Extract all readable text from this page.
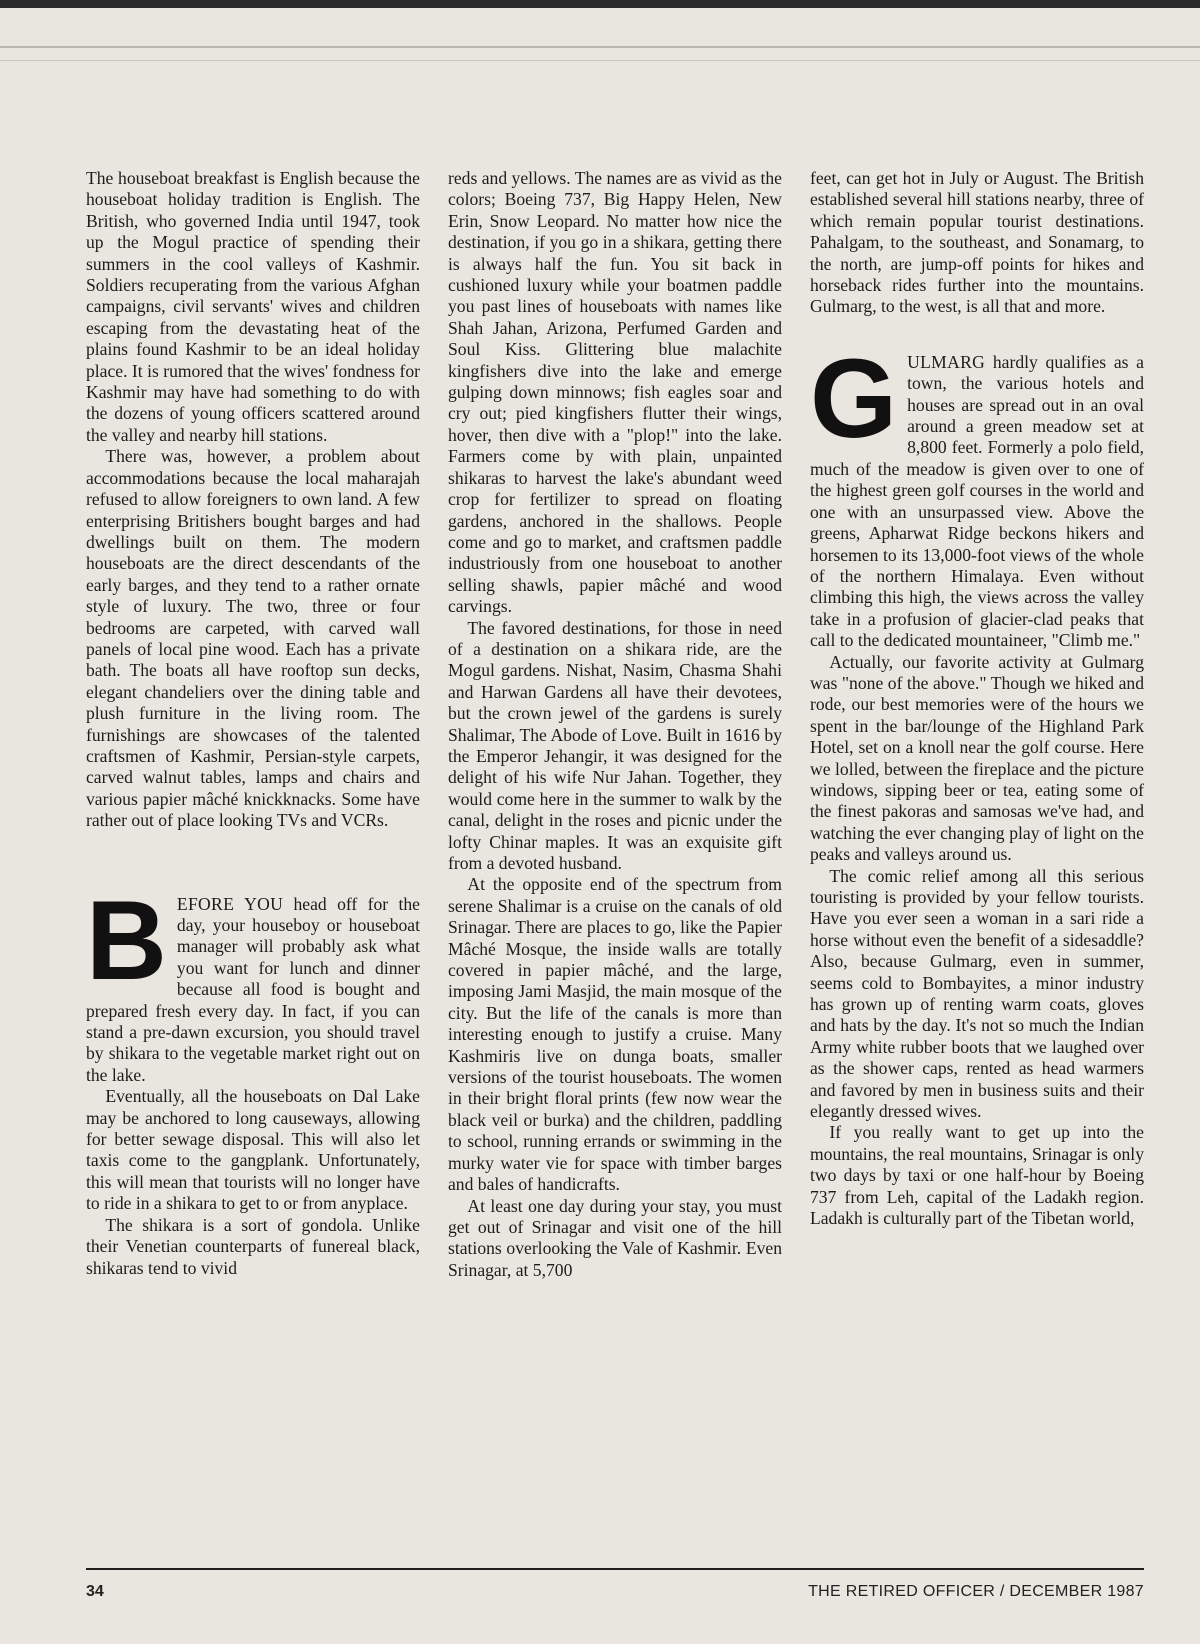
The houseboat breakfast is English because the houseboat holiday tradition is English. The British, who governed India until 1947, took up the Mogul practice of spending their summers in the cool valleys of Kashmir. Soldiers recuperating from the various Afghan campaigns, civil servants' wives and children escaping from the devastating heat of the plains found Kashmir to be an ideal holiday place. It is rumored that the wives' fondness for Kashmir may have had something to do with the dozens of young officers scattered around the valley and nearby hill stations.

There was, however, a problem about accommodations because the local maharajah refused to allow foreigners to own land. A few enterprising Britishers bought barges and had dwellings built on them. The modern houseboats are the direct descendants of the early barges, and they tend to a rather ornate style of luxury. The two, three or four bedrooms are carpeted, with carved wall panels of local pine wood. Each has a private bath. The boats all have rooftop sun decks, elegant chandeliers over the dining table and plush furniture in the living room. The furnishings are showcases of the talented craftsmen of Kashmir, Persian-style carpets, carved walnut tables, lamps and chairs and various papier mâché knickknacks. Some have rather out of place looking TVs and VCRs.

BEFORE YOU head off for the day, your houseboy or houseboat manager will probably ask what you want for lunch and dinner because all food is bought and prepared fresh every day. In fact, if you can stand a pre-dawn excursion, you should travel by shikara to the vegetable market right out on the lake.

Eventually, all the houseboats on Dal Lake may be anchored to long causeways, allowing for better sewage disposal. This will also let taxis come to the gangplank. Unfortunately, this will mean that tourists will no longer have to ride in a shikara to get to or from anyplace.

The shikara is a sort of gondola. Unlike their Venetian counterparts of funereal black, shikaras tend to vivid

reds and yellows. The names are as vivid as the colors; Boeing 737, Big Happy Helen, New Erin, Snow Leopard. No matter how nice the destination, if you go in a shikara, getting there is always half the fun. You sit back in cushioned luxury while your boatmen paddle you past lines of houseboats with names like Shah Jahan, Arizona, Perfumed Garden and Soul Kiss. Glittering blue malachite kingfishers dive into the lake and emerge gulping down minnows; fish eagles soar and cry out; pied kingfishers flutter their wings, hover, then dive with a "plop!" into the lake. Farmers come by with plain, unpainted shikaras to harvest the lake's abundant weed crop for fertilizer to spread on floating gardens, anchored in the shallows. People come and go to market, and craftsmen paddle industriously from one houseboat to another selling shawls, papier mâché and wood carvings.

The favored destinations, for those in need of a destination on a shikara ride, are the Mogul gardens. Nishat, Nasim, Chasma Shahi and Harwan Gardens all have their devotees, but the crown jewel of the gardens is surely Shalimar, The Abode of Love. Built in 1616 by the Emperor Jehangir, it was designed for the delight of his wife Nur Jahan. Together, they would come here in the summer to walk by the canal, delight in the roses and picnic under the lofty Chinar maples. It was an exquisite gift from a devoted husband.

At the opposite end of the spectrum from serene Shalimar is a cruise on the canals of old Srinagar. There are places to go, like the Papier Mâché Mosque, the inside walls are totally covered in papier mâché, and the large, imposing Jami Masjid, the main mosque of the city. But the life of the canals is more than interesting enough to justify a cruise. Many Kashmiris live on dunga boats, smaller versions of the tourist houseboats. The women in their bright floral prints (few now wear the black veil or burka) and the children, paddling to school, running errands or swimming in the murky water vie for space with timber barges and bales of handicrafts.

At least one day during your stay, you must get out of Srinagar and visit one of the hill stations overlooking the Vale of Kashmir. Even Srinagar, at 5,700

feet, can get hot in July or August. The British established several hill stations nearby, three of which remain popular tourist destinations. Pahalgam, to the southeast, and Sonamarg, to the north, are jump-off points for hikes and horseback rides further into the mountains. Gulmarg, to the west, is all that and more.

GULMARG hardly qualifies as a town, the various hotels and houses are spread out in an oval around a green meadow set at 8,800 feet. Formerly a polo field, much of the meadow is given over to one of the highest green golf courses in the world and one with an unsurpassed view. Above the greens, Apharwat Ridge beckons hikers and horsemen to its 13,000-foot views of the whole of the northern Himalaya. Even without climbing this high, the views across the valley take in a profusion of glacier-clad peaks that call to the dedicated mountaineer, "Climb me."

Actually, our favorite activity at Gulmarg was "none of the above." Though we hiked and rode, our best memories were of the hours we spent in the bar/lounge of the Highland Park Hotel, set on a knoll near the golf course. Here we lolled, between the fireplace and the picture windows, sipping beer or tea, eating some of the finest pakoras and samosas we've had, and watching the ever changing play of light on the peaks and valleys around us.

The comic relief among all this serious touristing is provided by your fellow tourists. Have you ever seen a woman in a sari ride a horse without even the benefit of a sidesaddle? Also, because Gulmarg, even in summer, seems cold to Bombayites, a minor industry has grown up of renting warm coats, gloves and hats by the day. It's not so much the Indian Army white rubber boots that we laughed over as the shower caps, rented as head warmers and favored by men in business suits and their elegantly dressed wives.

If you really want to get up into the mountains, the real mountains, Srinagar is only two days by taxi or one half-hour by Boeing 737 from Leh, capital of the Ladakh region. Ladakh is culturally part of the Tibetan world,

34	THE RETIRED OFFICER / DECEMBER 1987
